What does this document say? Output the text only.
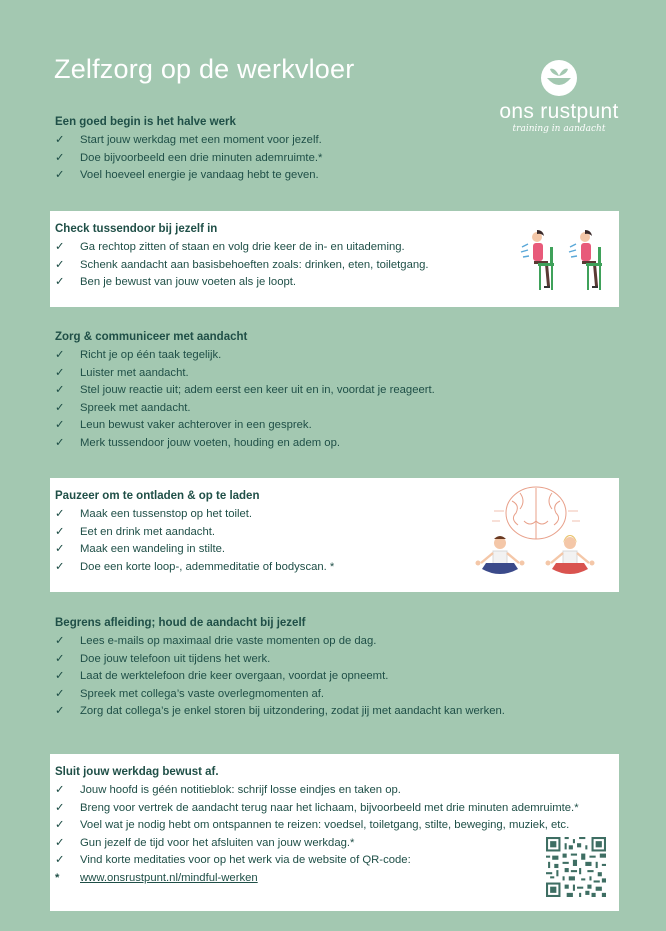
Zelfzorg op de werkvloer
ons rustpunt
training in aandacht
Een goed begin is het halve werk
✓ Start jouw werkdag met een moment voor jezelf.
✓ Doe bijvoorbeeld een drie minuten ademruimte.*
✓ Voel hoeveel energie je vandaag hebt te geven.
Check tussendoor bij jezelf in
✓ Ga rechtop zitten of staan en volg drie keer de in- en uitademing.
✓ Schenk aandacht aan basisbehoeften zoals: drinken, eten, toiletgang.
✓ Ben je bewust van jouw voeten als je loopt.
Zorg & communiceer met aandacht
✓ Richt je op één taak tegelijk.
✓ Luister met aandacht.
✓ Stel jouw reactie uit; adem eerst een keer uit en in, voordat je reageert.
✓ Spreek met aandacht.
✓ Leun bewust vaker achterover in een gesprek.
✓ Merk tussendoor jouw voeten, houding en adem op.
Pauzeer om te ontladen & op te laden
✓ Maak een tussenstop op het toilet.
✓ Eet en drink met aandacht.
✓ Maak een wandeling in stilte.
✓ Doe een korte loop-, ademmeditatie of bodyscan. *
Begrens afleiding; houd de aandacht bij jezelf
✓ Lees e-mails op maximaal drie vaste momenten op de dag.
✓ Doe jouw telefoon uit tijdens het werk.
✓ Laat de werktelefoon drie keer overgaan, voordat je opneemt.
✓ Spreek met collega’s vaste overlegmomenten af.
✓ Zorg dat collega’s je enkel storen bij uitzondering, zodat jij met aandacht kan werken.
Sluit jouw werkdag bewust af.
✓ Jouw hoofd is géén notitieblok: schrijf losse eindjes en taken op.
✓ Breng voor vertrek de aandacht terug naar het lichaam, bijvoorbeeld met drie minuten ademruimte.*
✓ Voel wat je nodig hebt om ontspannen te reizen: voedsel, toiletgang, stilte, beweging, muziek, etc.
✓ Gun jezelf de tijd voor het afsluiten van jouw werkdag.*
✓ Vind korte meditaties voor op het werk via de website of QR-code:
* www.onsrustpunt.nl/mindful-werken
